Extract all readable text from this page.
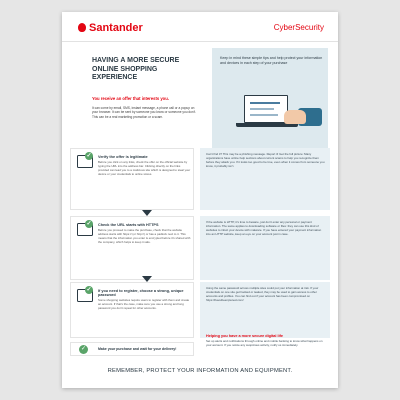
Santander	CyberSecurity
HAVING A MORE SECURE ONLINE SHOPPING EXPERIENCE
You receive an offer that interests you.
It can come by email, SMS, instant message, a phone call or a popup on your browser. It can be sent by someone you know or someone you don't. This can be a real marketing promotion or a scam.
Keep in mind these simple tips and help protect your information and devices in each step of your purchase
✓	Verify the offer is legitimate
Before you click on any links, check the offer on the official website by typing the URL into the address bar. Clicking directly on the links provided can lead you to a malicious site which is designed to steal your device or your credentials to online stores.
Can't find it? This may be a phishing message. Report it! Get the full picture: Many organizations have online help sections about current scams to help you recognize them before they attack you. If it looks too good to be true, even when it comes from someone you know, it probably isn't.
✓	Check the URL starts with HTTPS
Before you proceed to make the purchase, check that the website address starts with https:// (or http://) or has a padlock next to it. This means that the information you enter is encrypted before it's shared with the company, which helps to keep it safe.
If the website is HTTP, it's time to beware, just don't enter any personal or payment information. The same applies to downloading software or files: they can use this kind of websites to infect your device with malware. If you have entered your payment information into an HTTP website, keep an eye on your account just in case.
✓	If you need to register, choose a strong, unique password
Some shopping websites require users to register with them and create an account. If that's the case, make sure you use a strong and long password you don't repeat for other accounts.
Using the same password across multiple sites could put your information at risk. If your credentials on one site get hacked or leaked, they may be used to gain access to other accounts and profiles. You can find out if your account has been compromised on https://haveibeenpwned.com/
✓	Make your purchase and wait for your delivery!
Helping you have a more secure digital life
Set up alerts and notifications through online and mobile banking to know what happens on your account. If you notice any suspicious activity, notify us immediately.
REMEMBER, PROTECT YOUR INFORMATION AND EQUIPMENT.
